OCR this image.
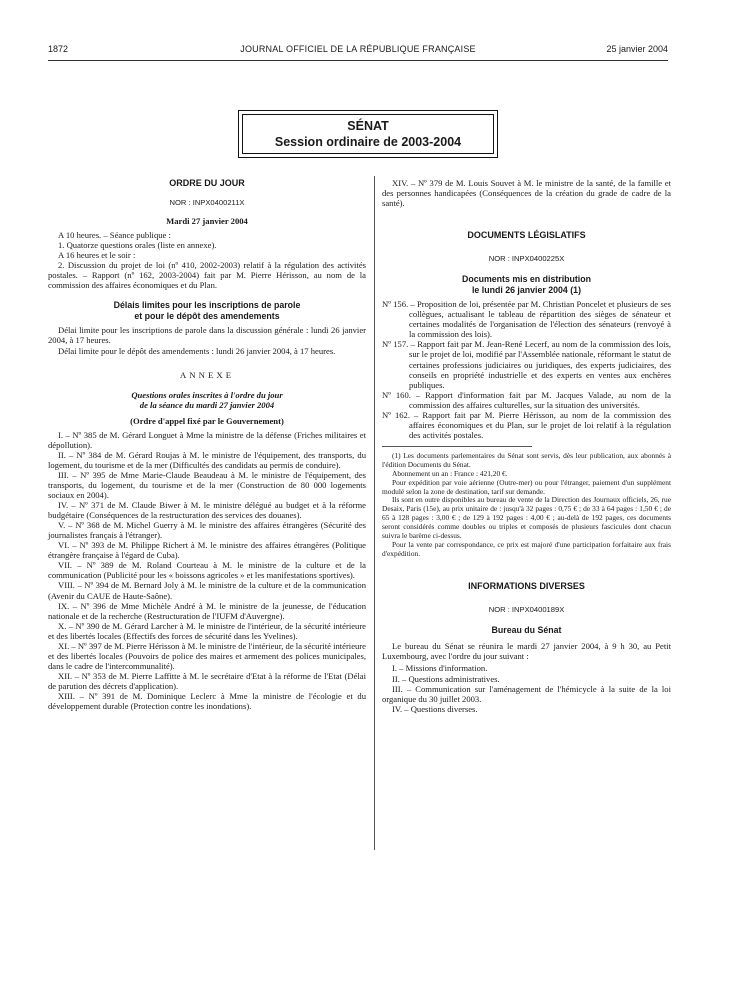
1872	JOURNAL OFFICIEL DE LA RÉPUBLIQUE FRANÇAISE	25 janvier 2004
SÉNAT
Session ordinaire de 2003-2004

ORDRE DU JOUR

NOR : INPX0400211X

Mardi 27 janvier 2004

A 10 heures. – Séance publique :

1. Quatorze questions orales (liste en annexe).

A 16 heures et le soir :

2. Discussion du projet de loi (nº 410, 2002-2003) relatif à la régulation des activités postales. – Rapport (nº 162, 2003-2004) fait par M. Pierre Hérisson, au nom de la commission des affaires économiques et du Plan.

Délais limites pour les inscriptions de parole

et pour le dépôt des amendements

Délai limite pour les inscriptions de parole dans la discussion générale : lundi 26 janvier 2004, à 17 heures.

Délai limite pour le dépôt des amendements : lundi 26 janvier 2004, à 17 heures.

ANNEXE

Questions orales inscrites à l'ordre du jour

de la séance du mardi 27 janvier 2004

(Ordre d'appel fixé par le Gouvernement)

I. – Nº 385 de M. Gérard Longuet à Mme la ministre de la défense (Friches militaires et dépollution).

II. – Nº 384 de M. Gérard Roujas à M. le ministre de l'équipement, des transports, du logement, du tourisme et de la mer (Difficultés des candidats au permis de conduire).

III. – Nº 395 de Mme Marie-Claude Beaudeau à M. le ministre de l'équipement, des transports, du logement, du tourisme et de la mer (Construction de 80 000 logements sociaux en 2004).

IV. – Nº 371 de M. Claude Biwer à M. le ministre délégué au budget et à la réforme budgétaire (Conséquences de la restructuration des services des douanes).

V. – Nº 368 de M. Michel Guerry à M. le ministre des affaires étrangères (Sécurité des journalistes français à l'étranger).

VI. – Nº 393 de M. Philippe Richert à M. le ministre des affaires étrangères (Politique étrangère française à l'égard de Cuba).

VII. – Nº 389 de M. Roland Courteau à M. le ministre de la culture et de la communication (Publicité pour les « boissons agricoles » et les manifestations sportives).

VIII. – Nº 394 de M. Bernard Joly à M. le ministre de la culture et de la communication (Avenir du CAUE de Haute-Saône).

IX. – Nº 396 de Mme Michèle André à M. le ministre de la jeunesse, de l'éducation nationale et de la recherche (Restructuration de l'IUFM d'Auvergne).

X. – Nº 390 de M. Gérard Larcher à M. le ministre de l'intérieur, de la sécurité intérieure et des libertés locales (Effectifs des forces de sécurité dans les Yvelines).

XI. – Nº 397 de M. Pierre Hérisson à M. le ministre de l'intérieur, de la sécurité intérieure et des libertés locales (Pouvoirs de police des maires et armement des polices municipales, dans le cadre de l'intercommunalité).

XII. – Nº 353 de M. Pierre Laffitte à M. le secrétaire d'Etat à la réforme de l'Etat (Délai de parution des décrets d'application).

XIII. – Nº 391 de M. Dominique Leclerc à Mme la ministre de l'écologie et du développement durable (Protection contre les inondations).

XIV. – Nº 379 de M. Louis Souvet à M. le ministre de la santé, de la famille et des personnes handicapées (Conséquences de la création du grade de cadre de la santé).

DOCUMENTS LÉGISLATIFS

NOR : INPX0400225X

Documents mis en distribution

le lundi 26 janvier 2004 (1)

Nº 156. – Proposition de loi, présentée par M. Christian Poncelet et plusieurs de ses collègues, actualisant le tableau de répartition des sièges de sénateur et certaines modalités de l'organisation de l'élection des sénateurs (renvoyé à la commission des lois).

Nº 157. – Rapport fait par M. Jean-René Lecerf, au nom de la commission des lois, sur le projet de loi, modifié par l'Assemblée nationale, réformant le statut de certaines professions judiciaires ou juridiques, des experts judiciaires, des conseils en propriété industrielle et des experts en ventes aux enchères publiques.

Nº 160. – Rapport d'information fait par M. Jacques Valade, au nom de la commission des affaires culturelles, sur la situation des universités.

Nº 162. – Rapport fait par M. Pierre Hérisson, au nom de la commission des affaires économiques et du Plan, sur le projet de loi relatif à la régulation des activités postales.

(1) Les documents parlementaires du Sénat sont servis, dès leur publication, aux abonnés à l'édition Documents du Sénat.

Abonnement un an : France : 421,20 €.

Pour expédition par voie aérienne (Outre-mer) ou pour l'étranger, paiement d'un supplément modulé selon la zone de destination, tarif sur demande.

Ils sont en outre disponibles au bureau de vente de la Direction des Journaux officiels, 26, rue Desaix, Paris (15e), au prix unitaire de : jusqu'à 32 pages : 0,75 € ; de 33 à 64 pages : 1,50 € ; de 65 à 128 pages : 3,00 € ; de 129 à 192 pages : 4,00 € ; au-delà de 192 pages, ces documents seront considérés comme doubles ou triples et composés de plusieurs fascicules dont chacun suivra le barème ci-dessus.

Pour la vente par correspondance, ce prix est majoré d'une participation forfaitaire aux frais d'expédition.

INFORMATIONS DIVERSES

NOR : INPX0400189X

Bureau du Sénat

Le bureau du Sénat se réunira le mardi 27 janvier 2004, à 9 h 30, au Petit Luxembourg, avec l'ordre du jour suivant :

I. – Missions d'information.

II. – Questions administratives.

III. – Communication sur l'aménagement de l'hémicycle à la suite de la loi organique du 30 juillet 2003.

IV. – Questions diverses.
